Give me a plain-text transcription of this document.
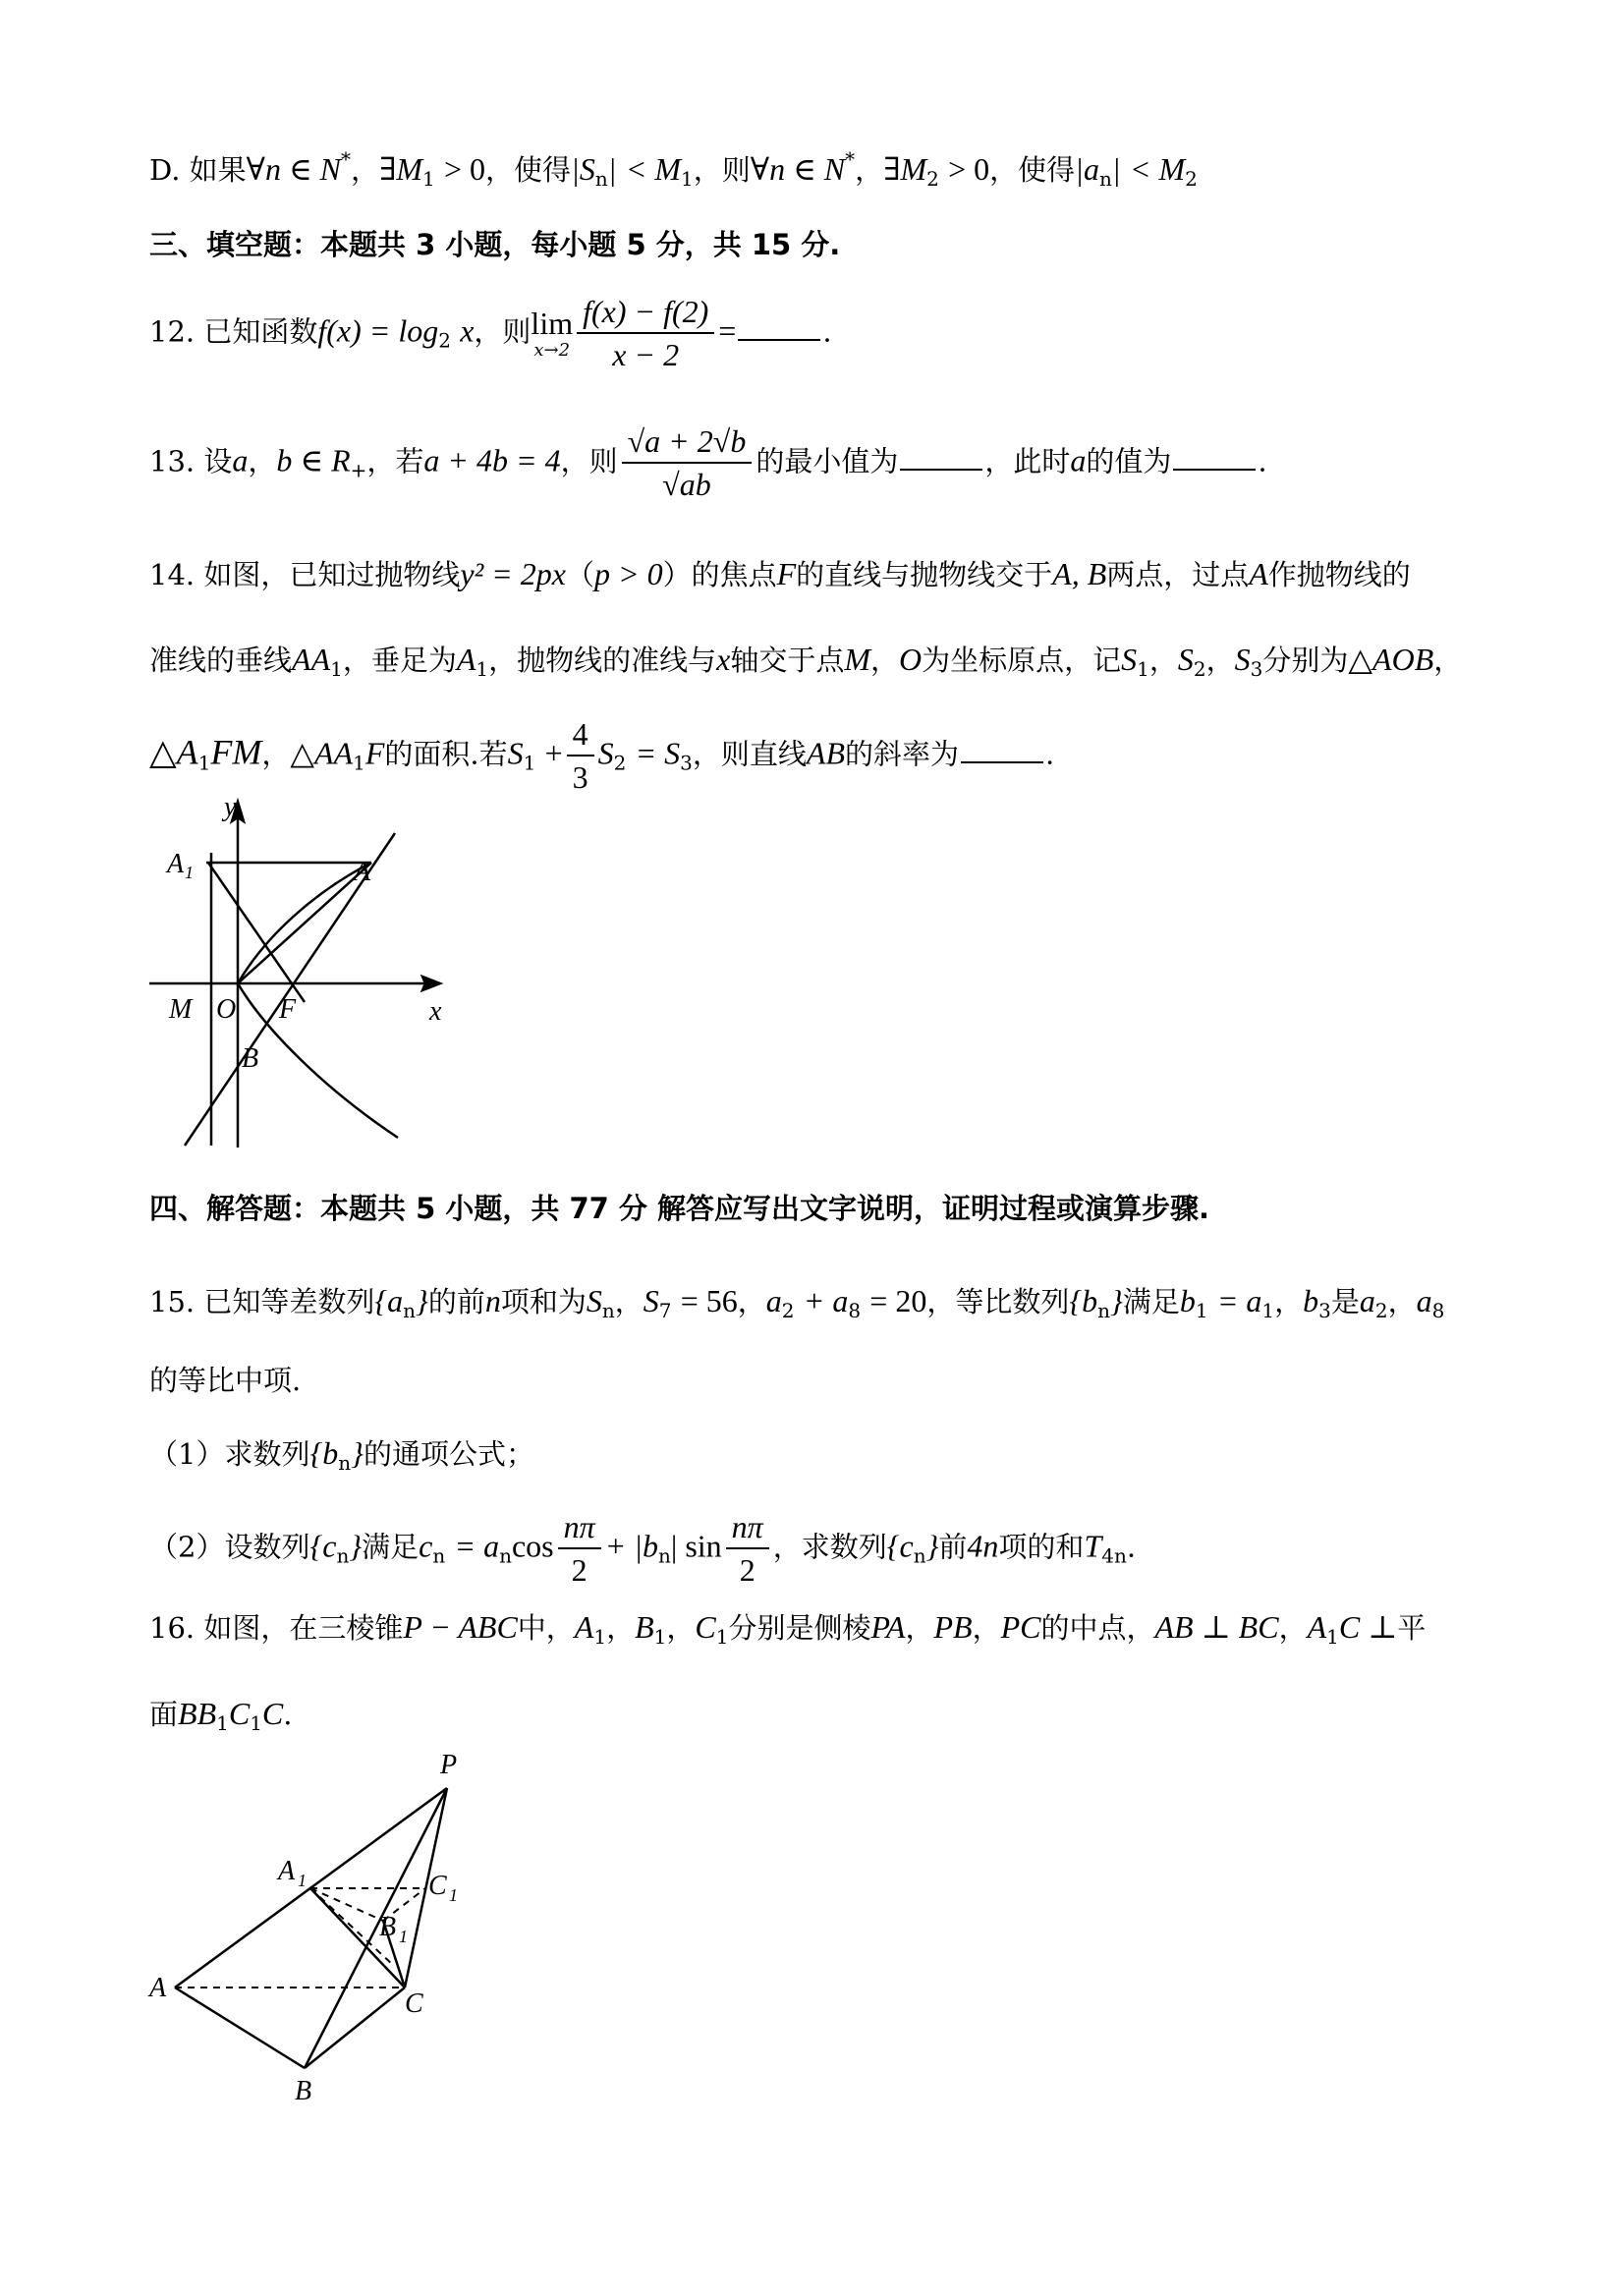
D. 如果∀n ∈ N*，$\exists M_1 > 0$，使得$|S_n| < M_1$，则∀n ∈ N*，$\exists M_2 > 0$，使得$|a_n| < M_2$
三、填空题：本题共 3 小题，每小题 5 分，共 15 分.
12. 已知函数$f(x) = \log_2 x$，则 lim
$x\to 2 \frac{f(x) - f(2)}{x - 2}$ =	.
13. 设a，b ∈ $R_+$，若a + 4b = 4，则 $\frac{√a + 2√b}{√ab}$ 的最小值为	，此时a的值为	.
14. 如图，已知过抛物线y² = 2px（p > 0）的焦点F的直线与抛物线交于A, B两点，过点A作抛物线的
准线的垂线$AA_1$，垂足为$A_1$，抛物线的准线与x轴交于点M，O为坐标原点，记$S_1$，$S_2$，$S_3$分别为△AOB，
$\triangle A_1FM$，$\triangle AA_1F$的面积.若$S_1 + \frac{4}{3} S_2 = S_3$，则直线AB的斜率为	.
y
x
A 1	A
M O F
B
四、解答题：本题共 5 小题，共 77 分 解答应写出文字说明，证明过程或演算步骤.
15. 已知等差数列$\{a_n\}$的前n项和为$S_n$，$S_7 = 56$，$a_2 + a_8 = 20$，等比数列$\{b_n\}$满足$b_1 = a_1$，$b_3$是$a_2$，$a_8$
的等比中项.
（1）求数列$\{b_n\}$的通项公式；
（2）设数列$\{c_n\}$满足$c_n = a_n\cos \frac{n\pi}{2} + |b_n|$ $\sin \frac{n\pi}{2}$ ，求数列$\{c_n\}$前4n项的和$T_{4n}$.
16. 如图，在三棱锥P − ABC中，$A_1$，$B_1$，$C_1$分别是侧棱PA，PB，PC的中点，AB ⊥ BC，$A_1C$ ⊥平
面$BB_1C_1C$.
P
A 1	C 1
B 1
A
C
B
